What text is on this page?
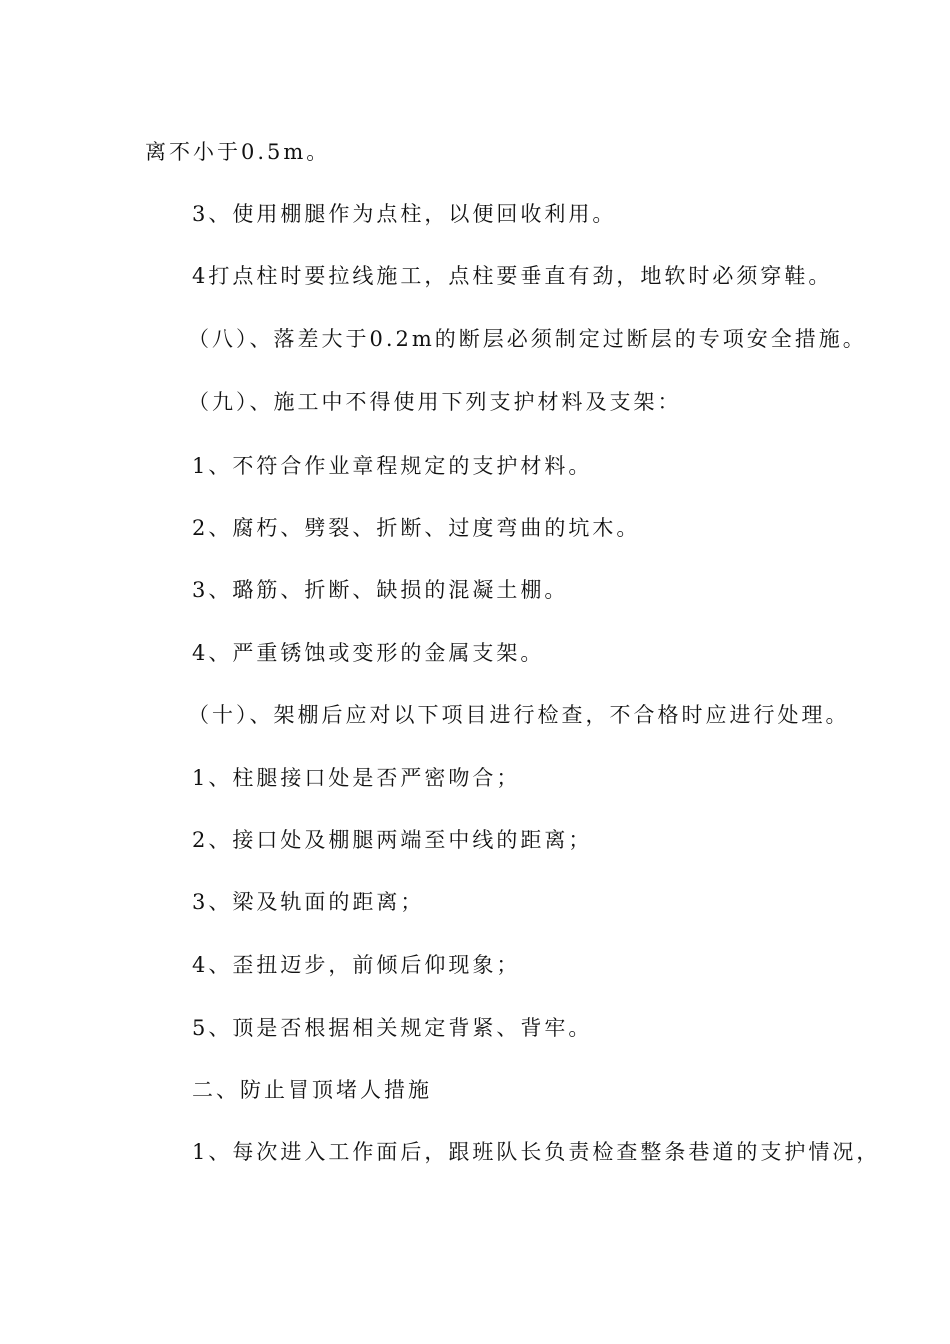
离不小于0.5m。
3、使用棚腿作为点柱，以便回收利用。
4打点柱时要拉线施工，点柱要垂直有劲，地软时必须穿鞋。
（八）、落差大于0.2m的断层必须制定过断层的专项安全措施。
（九）、施工中不得使用下列支护材料及支架：
1、不符合作业章程规定的支护材料。
2、腐朽、劈裂、折断、过度弯曲的坑木。
3、璐筋、折断、缺损的混凝土棚。
4、严重锈蚀或变形的金属支架。
（十）、架棚后应对以下项目进行检查，不合格时应进行处理。
1、柱腿接口处是否严密吻合；
2、接口处及棚腿两端至中线的距离；
3、梁及轨面的距离；
4、歪扭迈步，前倾后仰现象；
5、顶是否根据相关规定背紧、背牢。
二、防止冒顶堵人措施
1、每次进入工作面后，跟班队长负责检查整条巷道的支护情况，
